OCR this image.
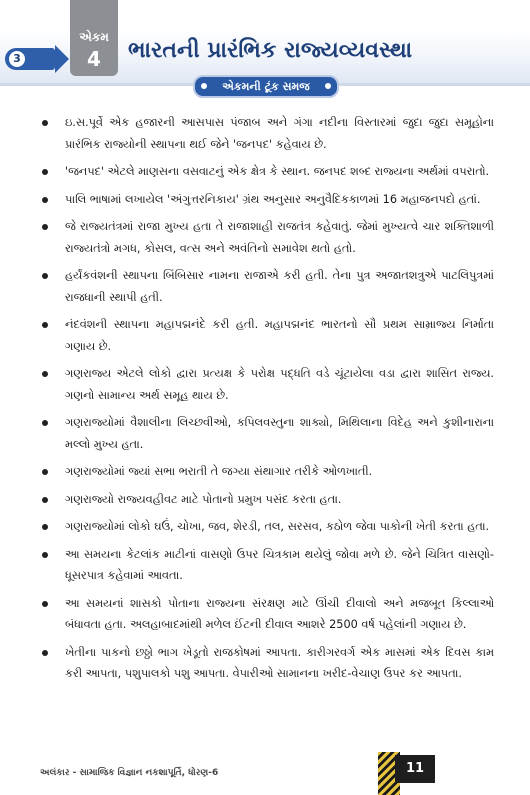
3
એકમ
4	ભારતની પ્રારંભિક રાજ્યવ્યવસ્થા
એકમની ટૂંક સમજ
ઇ.સ.પૂર્વે એક હજારની આસપાસ પંજાબ અને ગંગા નદીના વિસ્તારમાં જુદા જુદા સમૂહોના પ્રારંભિક રાજ્યોની સ્થાપના થઈ જેને 'જનપદ' કહેવાય છે.
'જનપદ' એટલે માણસના વસવાટનું એક ક્ષેત્ર કે સ્થાન. જનપદ શબ્દ રાજ્યના અર્થમાં વપરાતો.
પાલિ ભાષામાં લખાયેલ 'અંગુત્તરનિકાય' ગ્રંથ અનુસાર અનુવૈદિકકાળમાં 16 મહાજનપદો હતાં.
જે રાજ્યતંત્રમાં રાજા મુખ્ય હતા તે રાજાશાહી રાજતંત્ર કહેવાતું. જેમાં મુખ્યત્વે ચાર શક્તિશાળી રાજ્યતંત્રો મગધ, કોસલ, વત્સ અને અવંતિનો સમાવેશ થતો હતો.
હર્યંકવંશની સ્થાપના બિંબિસાર નામના રાજાએ કરી હતી. તેના પુત્ર અજાતશત્રુએ પાટલિપુત્રમાં રાજધાની સ્થાપી હતી.
નંદવંશની સ્થાપના મહાપદ્મનંદે કરી હતી. મહાપદ્મનંદ ભારતનો સૌ પ્રથમ સામ્રાજ્ય નિર્માતા ગણાય છે.
ગણરાજ્ય એટલે લોકો દ્વારા પ્રત્યક્ષ કે પરોક્ષ પદ્ધતિ વડે ચૂંટાયેલા વડા દ્વારા શાસિત રાજ્ય. ગણનો સામાન્ય અર્થ સમૂહ થાય છે.
ગણરાજ્યોમાં વૈશાલીના લિચ્છવીઓ, કપિલવસ્તુના શાક્યો, મિથિલાના વિદેહ અને કુશીનારાના મલ્લો મુખ્ય હતા.
ગણરાજ્યોમાં જ્યાં સભા ભરાતી તે જગ્યા સંથાગાર તરીકે ઓળખાતી.
ગણરાજ્યો રાજ્યવહીવટ માટે પોતાનો પ્રમુખ પસંદ કરતા હતા.
ગણરાજ્યોમાં લોકો ઘઉં, ચોખા, જવ, શેરડી, તલ, સરસવ, કઠોળ જેવા પાકોની ખેતી કરતા હતા.
આ સમયના કેટલાંક માટીનાં વાસણો ઉપર ચિત્રકામ થયેલું જોવા મળે છે. જેને ચિત્રિત વાસણો-ધૂસરપાત્ર કહેવામાં આવતા.
આ સમયનાં શાસકો પોતાના રાજ્યના સંરક્ષણ માટે ઊંચી દીવાલો અને મજબૂત કિલ્લાઓ બંધાવતા હતા. અલહાબાદમાંથી મળેલ ઈંટની દીવાલ આશરે 2500 વર્ષ પહેલાંની ગણાય છે.
ખેતીના પાકનો છઠ્ઠો ભાગ ખેડૂતો રાજકોષમાં આપતા. કારીગરવર્ગ એક માસમાં એક દિવસ કામ કરી આપતા, પશુપાલકો પશુ આપતા. વેપારીઓ સામાનના ખરીદ-વેચાણ ઉપર કર આપતા.
અલંકાર - સામાજિક વિજ્ઞાન નકશાપૂર્તિ, ધોરણ-6	11
